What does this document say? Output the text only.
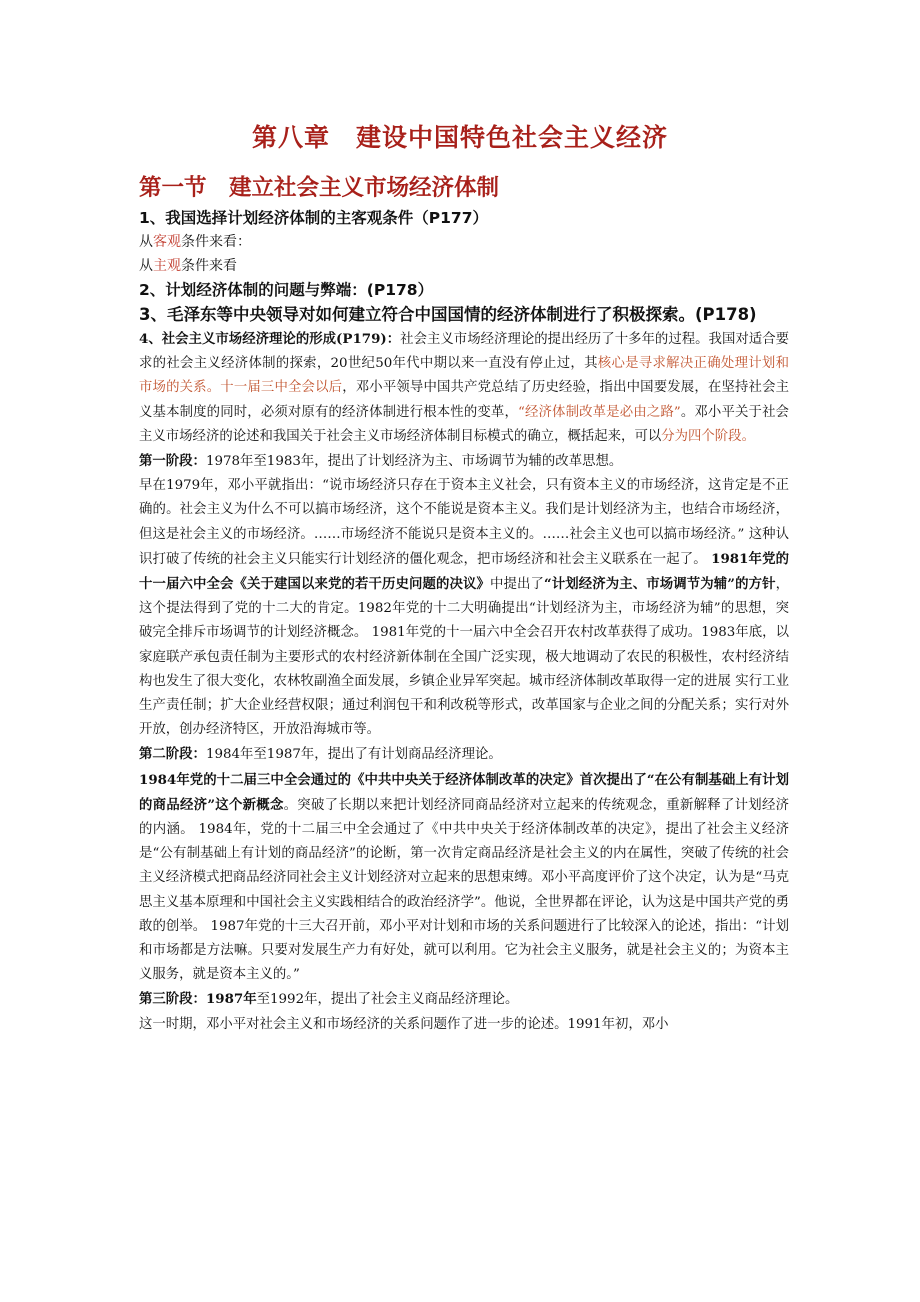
第八章　建设中国特色社会主义经济
第一节　建立社会主义市场经济体制
1、我国选择计划经济体制的主客观条件（P177）
从客观条件来看：
从主观条件来看
2、计划经济体制的问题与弊端：(P178）
3、毛泽东等中央领导对如何建立符合中国国情的经济体制进行了积极探索。(P178)
4、社会主义市场经济理论的形成(P179)：社会主义市场经济理论的提出经历了十多年的过程。我国对适合要求的社会主义经济体制的探索，20世纪50年代中期以来一直没有停止过，其核心是寻求解决正确处理计划和市场的关系。十一届三中全会以后，邓小平领导中国共产党总结了历史经验，指出中国要发展，在坚持社会主义基本制度的同时，必须对原有的经济体制进行根本性的变革，“经济体制改革是必由之路”。邓小平关于社会主义市场经济的论述和我国关于社会主义市场经济体制目标模式的确立，概括起来，可以分为四个阶段。
第一阶段：1978年至1983年，提出了计划经济为主、市场调节为辅的改革思想。
早在1979年，邓小平就指出：“说市场经济只存在于资本主义社会，只有资本主义的市场经济，这肯定是不正确的。社会主义为什么不可以搞市场经济，这个不能说是资本主义。我们是计划经济为主，也结合市场经济，但这是社会主义的市场经济。……市场经济不能说只是资本主义的。……社会主义也可以搞市场经济。” 这种认识打破了传统的社会主义只能实行计划经济的僵化观念，把市场经济和社会主义联系在一起了。 1981年党的十一届六中全会《关于建国以来党的若干历史问题的决议》中提出了“计划经济为主、市场调节为辅”的方针，这个提法得到了党的十二大的肯定。1982年党的十二大明确提出“计划经济为主，市场经济为辅”的思想，突破完全排斥市场调节的计划经济概念。 1981年党的十一届六中全会召开农村改革获得了成功。1983年底，以家庭联产承包责任制为主要形式的农村经济新体制在全国广泛实现，极大地调动了农民的积极性，农村经济结构也发生了很大变化，农林牧副渔全面发展，乡镇企业异军突起。城市经济体制改革取得一定的进展 实行工业生产责任制；扩大企业经营权限；通过利润包干和利改税等形式，改革国家与企业之间的分配关系；实行对外开放，创办经济特区，开放沿海城市等。
第二阶段：1984年至1987年，提出了有计划商品经济理论。
1984年党的十二届三中全会通过的《中共中央关于经济体制改革的决定》首次提出了“在公有制基础上有计划的商品经济”这个新概念。突破了长期以来把计划经济同商品经济对立起来的传统观念，重新解释了计划经济的内涵。 1984年，党的十二届三中全会通过了《中共中央关于经济体制改革的决定》，提出了社会主义经济是“公有制基础上有计划的商品经济”的论断，第一次肯定商品经济是社会主义的内在属性，突破了传统的社会主义经济模式把商品经济同社会主义计划经济对立起来的思想束缚。邓小平高度评价了这个决定，认为是“马克思主义基本原理和中国社会主义实践相结合的政治经济学”。他说，全世界都在评论，认为这是中国共产党的勇敢的创举。 1987年党的十三大召开前，邓小平对计划和市场的关系问题进行了比较深入的论述，指出：“计划和市场都是方法嘛。只要对发展生产力有好处，就可以利用。它为社会主义服务，就是社会主义的；为资本主义服务，就是资本主义的。”
第三阶段：1987年至1992年，提出了社会主义商品经济理论。
这一时期，邓小平对社会主义和市场经济的关系问题作了进一步的论述。1991年初，邓小
